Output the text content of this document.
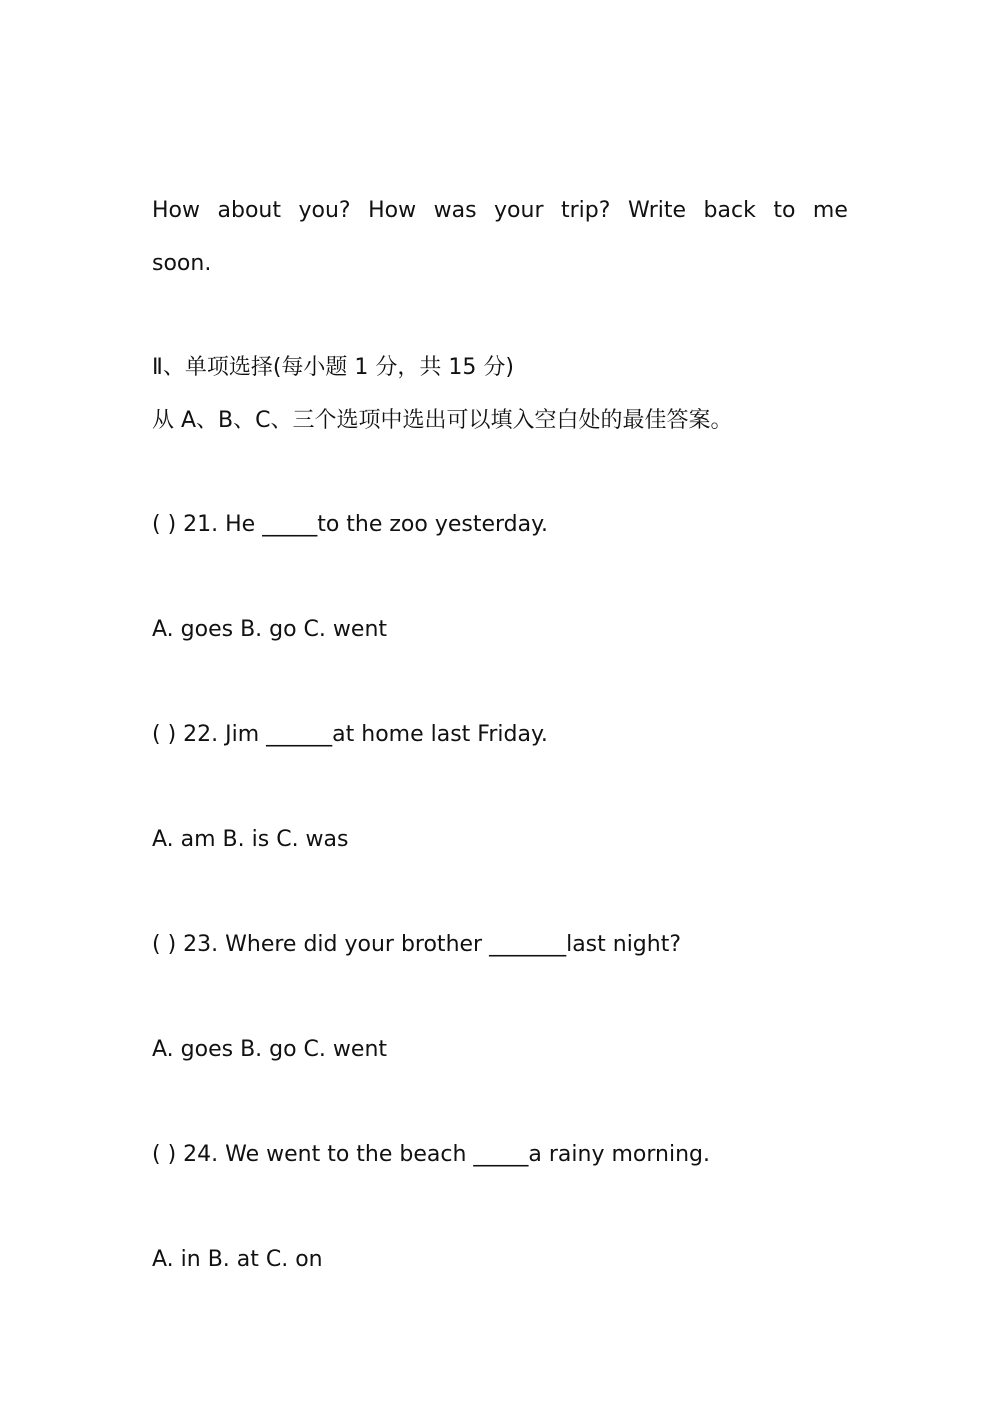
How about you? How was your trip? Write back to me
soon.
Ⅱ、单项选择(每小题 1 分，共 15 分)
从 A、B、C、三个选项中选出可以填入空白处的最佳答案。
( ) 21. He _____to the zoo yesterday.
A. goes B. go C. went
( ) 22. Jim ______at home last Friday.
A. am B. is C. was
( ) 23. Where did your brother _______last night?
A. goes B. go C. went
( ) 24. We went to the beach _____a rainy morning.
A. in B. at C. on
